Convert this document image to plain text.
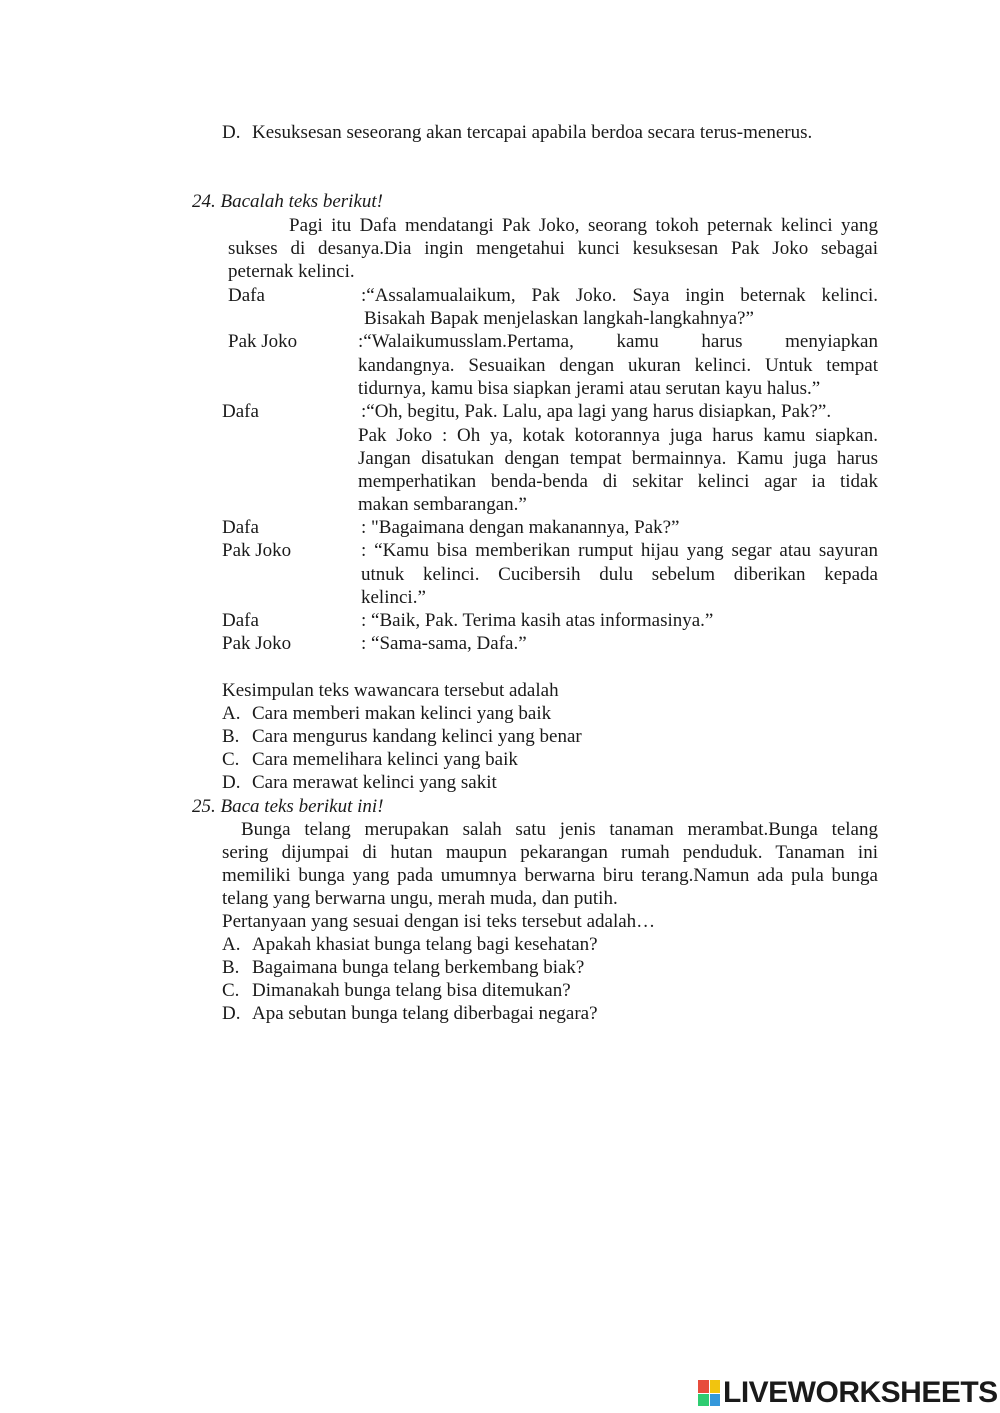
D. Kesuksesan seseorang akan tercapai apabila berdoa secara terus-menerus.
24. Bacalah teks berikut!
Pagi itu Dafa mendatangi Pak Joko, seorang tokoh peternak kelinci yang
sukses di desanya.Dia ingin mengetahui kunci kesuksesan Pak Joko sebagai
peternak kelinci.
Dafa	:“Assalamualaikum, Pak Joko. Saya ingin beternak kelinci.
Bisakah Bapak menjelaskan langkah-langkahnya?”
Pak Joko	:“Walaikumusslam.Pertama, kamu harus menyiapkan
kandangnya. Sesuaikan dengan ukuran kelinci. Untuk tempat
tidurnya, kamu bisa siapkan jerami atau serutan kayu halus.”
Dafa	:“Oh, begitu, Pak. Lalu, apa lagi yang harus disiapkan, Pak?”.
Pak Joko : Oh ya, kotak kotorannya juga harus kamu siapkan.
Jangan disatukan dengan tempat bermainnya. Kamu juga harus
memperhatikan benda-benda di sekitar kelinci agar ia tidak
makan sembarangan.”
Dafa	: "Bagaimana dengan makanannya, Pak?”
Pak Joko	: “Kamu bisa memberikan rumput hijau yang segar atau sayuran
utnuk kelinci. Cucibersih dulu sebelum diberikan kepada
kelinci.”
Dafa	: “Baik, Pak. Terima kasih atas informasinya.”
Pak Joko	: “Sama-sama, Dafa.”
Kesimpulan teks wawancara tersebut adalah
A. Cara memberi makan kelinci yang baik
B. Cara mengurus kandang kelinci yang benar
C. Cara memelihara kelinci yang baik
D. Cara merawat kelinci yang sakit
25. Baca teks berikut ini!
Bunga telang merupakan salah satu jenis tanaman merambat.Bunga telang
sering dijumpai di hutan maupun pekarangan rumah penduduk. Tanaman ini
memiliki bunga yang pada umumnya berwarna biru terang.Namun ada pula bunga
telang yang berwarna ungu, merah muda, dan putih.
Pertanyaan yang sesuai dengan isi teks tersebut adalah…
A. Apakah khasiat bunga telang bagi kesehatan?
B. Bagaimana bunga telang berkembang biak?
C. Dimanakah bunga telang bisa ditemukan?
D. Apa sebutan bunga telang diberbagai negara?
LIVEWORKSHEETS
